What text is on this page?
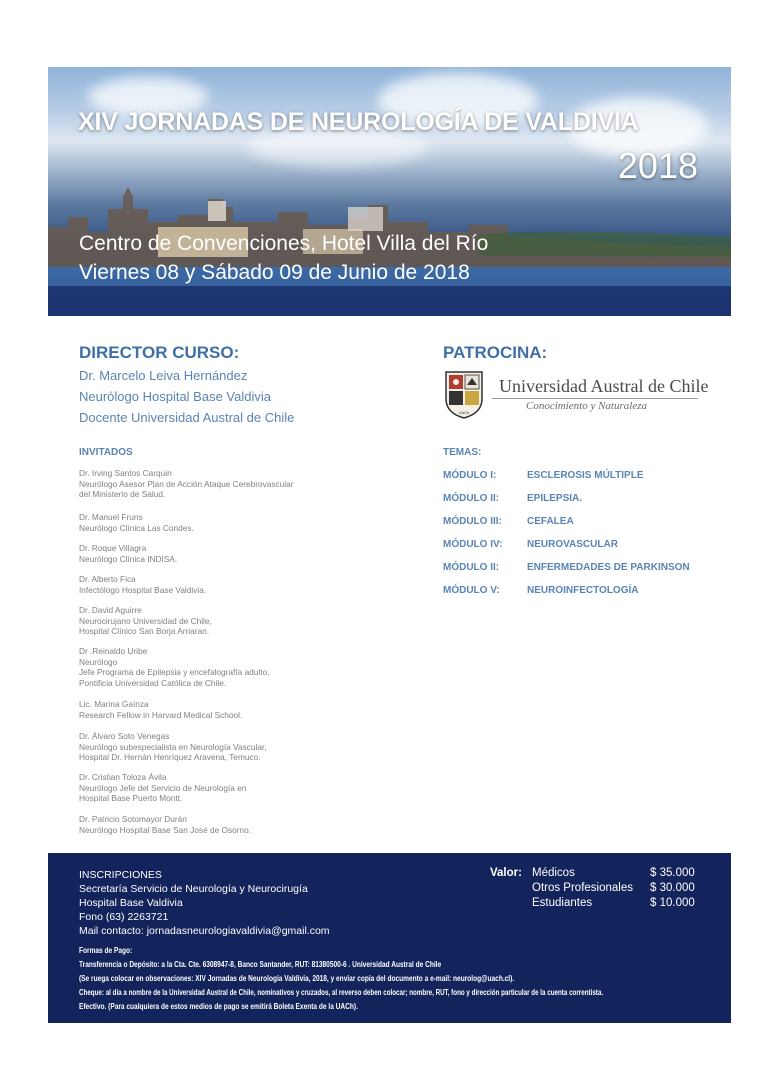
XIV JORNADAS DE NEUROLOGÍA DE VALDIVIA
2018
Centro de Convenciones, Hotel Villa del Río
Viernes 08 y Sábado 09 de Junio de 2018
DIRECTOR CURSO:
Dr. Marcelo Leiva Hernández
Neurólogo Hospital Base Valdivia
Docente Universidad Austral de Chile
INVITADOS
Dr. Irving Santos Carquin
Neurólogo Asesor Plan de Acción Ataque Cerebrovascular
del Ministerio de Salud.
Dr. Manuel Fruns
Neurólogo Clínica Las Condes.
Dr. Roque Villagra
Neurólogo Clínica INDISA.
Dr. Alberto Fica
Infectólogo Hospital Base Valdivia.
Dr. David Aguirre
Neurocirujano Universidad de Chile,
Hospital Clínico San Borja Arriaran.
Dr .Reinaldo Uribe
Neurólogo
Jefe Programa de Epilepsia y encefalografía adulto,
Pontificia Universidad Católica de Chile.
Lic. Marina Gaínza
Research Fellow in Harvard Medical School.
Dr. Álvaro Soto Venegas
Neurólogo subespecialista en Neurología Vascular,
Hospital Dr. Hernán Henríquez Aravena, Temuco.
Dr. Cristian Toloza Ávila
Neurólogo Jefe del Servicio de Neurología en
Hospital Base Puerto Montt.
Dr. Patricio Sotomayor Durán
Neurólogo Hospital Base San José de Osorno.
PATROCINA:
UACh
Universidad Austral de Chile
Conocimiento y Naturaleza
TEMAS:
MÓDULO I:	ESCLEROSIS MÚLTIPLE
MÓDULO II:	EPILEPSIA.
MÓDULO III:	CEFALEA
MÓDULO IV: NEUROVASCULAR
MÓDULO II:	ENFERMEDADES DE PARKINSON
MÓDULO V:	NEUROINFECTOLOGÍA
INSCRIPCIONES
Secretaría Servicio de Neurología y Neurocirugía
Hospital Base Valdivia
Fono (63) 2263721
Mail contacto: jornadasneurologiavaldivia@gmail.com
Valor: Médicos	$ 35.000
Otros Profesionales $ 30.000
Estudiantes	$ 10.000
Formas de Pago:
Transferencia o Depósito: a la Cta. Cte. 6308947-8, Banco Santander, RUT: 81380500-6 . Universidad Austral de Chile
(Se ruega colocar en observaciones: XIV Jornadas de Neurología Valdivia, 2018, y enviar copia del documento a e-mail: neurolog@uach.cl).
Cheque: al día a nombre de la Universidad Austral de Chile, nominativos y cruzados, al reverso deben colocar; nombre, RUT, fono y dirección particular de la cuenta correntista.
Efectivo. (Para cualquiera de estos medios de pago se emitirá Boleta Exenta de la UACh).
